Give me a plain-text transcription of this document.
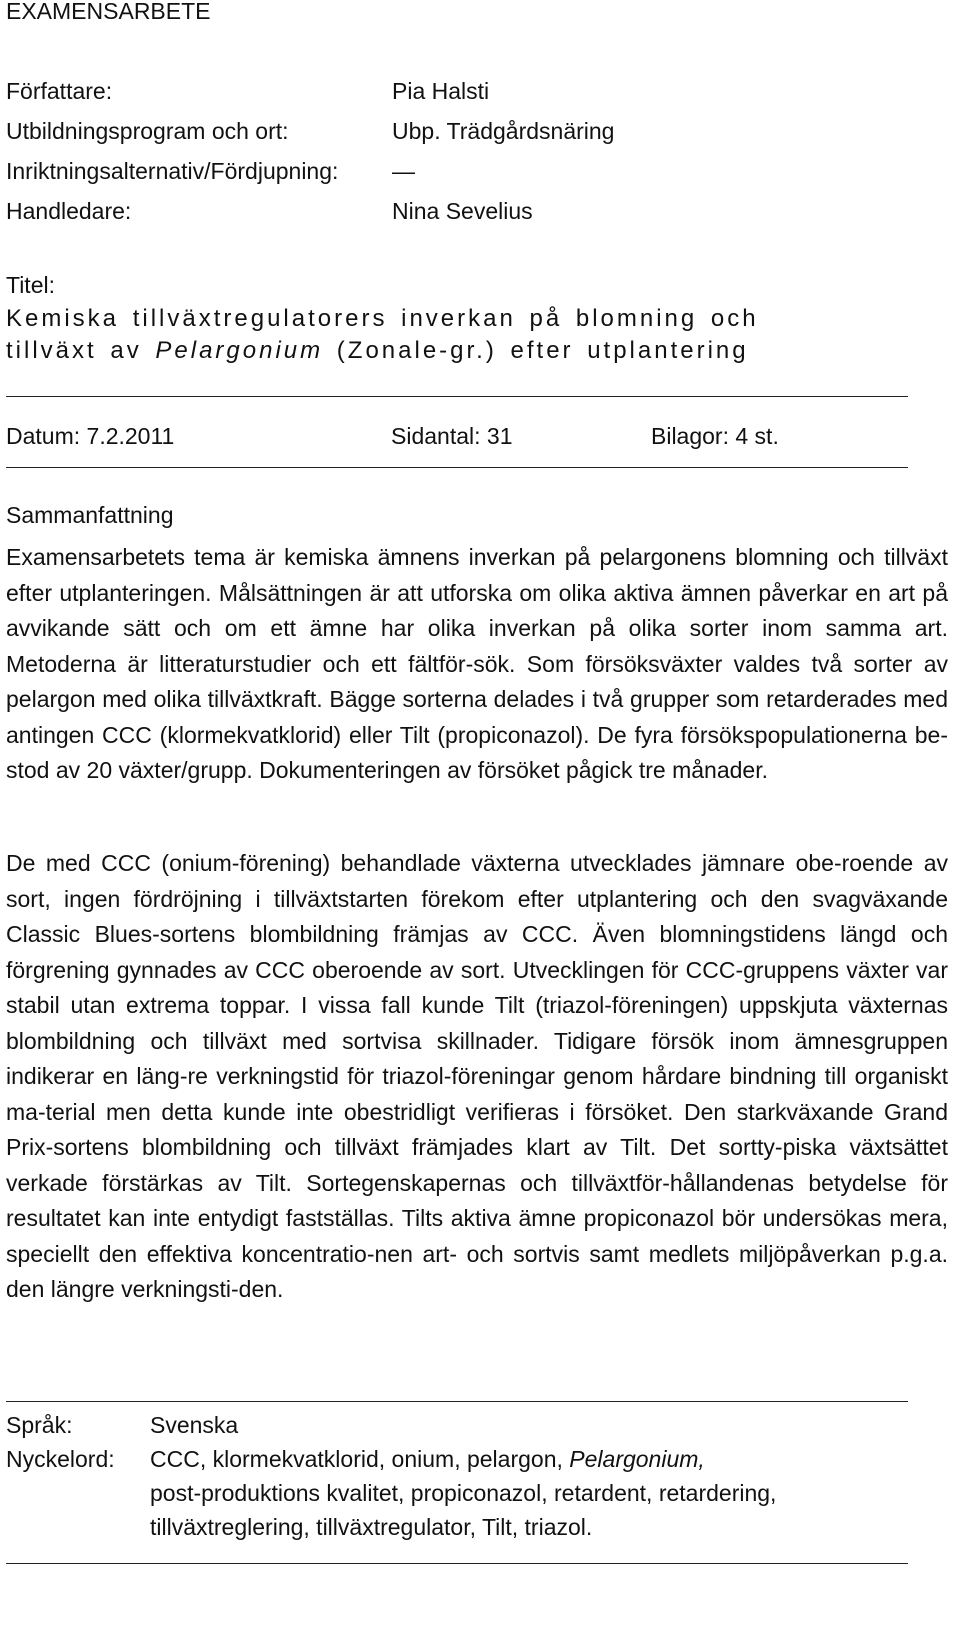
EXAMENSARBETE
Författare:	Pia Halsti
Utbildningsprogram och ort:	Ubp. Trädgårdsnäring
Inriktningsalternativ/Fördjupning: —
Handledare:	Nina Sevelius
Titel:
Kemiska tillväxtregulatorers inverkan på blomning och
tillväxt av Pelargonium (Zonale-gr.) efter utplantering
Datum: 7.2.2011	Sidantal: 31	Bilagor: 4 st.
Sammanfattning
Examensarbetets tema är kemiska ämnens inverkan på pelargonens blomning och tillväxt efter utplanteringen. Målsättningen är att utforska om olika aktiva ämnen påverkar en art på avvikande sätt och om ett ämne har olika inverkan på olika sorter inom samma art. Metoderna är litteraturstudier och ett fältför-sök. Som försöksväxter valdes två sorter av pelargon med olika tillväxtkraft. Bägge sorterna delades i två grupper som retarderades med antingen CCC (klormekvatklorid) eller Tilt (propiconazol). De fyra försökspopulationerna be-stod av 20 växter/grupp. Dokumenteringen av försöket pågick tre månader.
De med CCC (onium-förening) behandlade växterna utvecklades jämnare obe-roende av sort, ingen fördröjning i tillväxtstarten förekom efter utplantering och den svagväxande Classic Blues-sortens blombildning främjas av CCC. Även blomningstidens längd och förgrening gynnades av CCC oberoende av sort. Utvecklingen för CCC-gruppens växter var stabil utan extrema toppar. I vissa fall kunde Tilt (triazol-föreningen) uppskjuta växternas blombildning och tillväxt med sortvisa skillnader. Tidigare försök inom ämnesgruppen indikerar en läng-re verkningstid för triazol-föreningar genom hårdare bindning till organiskt ma-terial men detta kunde inte obestridligt verifieras i försöket. Den starkväxande Grand Prix-sortens blombildning och tillväxt främjades klart av Tilt. Det sortty-piska växtsättet verkade förstärkas av Tilt. Sortegenskapernas och tillväxtför-hållandenas betydelse för resultatet kan inte entydigt fastställas. Tilts aktiva ämne propiconazol bör undersökas mera, speciellt den effektiva koncentratio-nen art- och sortvis samt medlets miljöpåverkan p.g.a. den längre verkningsti-den.
Språk:	Svenska
Nyckelord: CCC, klormekvatklorid, onium, pelargon, Pelargonium,
post-produktions kvalitet, propiconazol, retardent, retardering,
tillväxtreglering, tillväxtregulator, Tilt, triazol.
